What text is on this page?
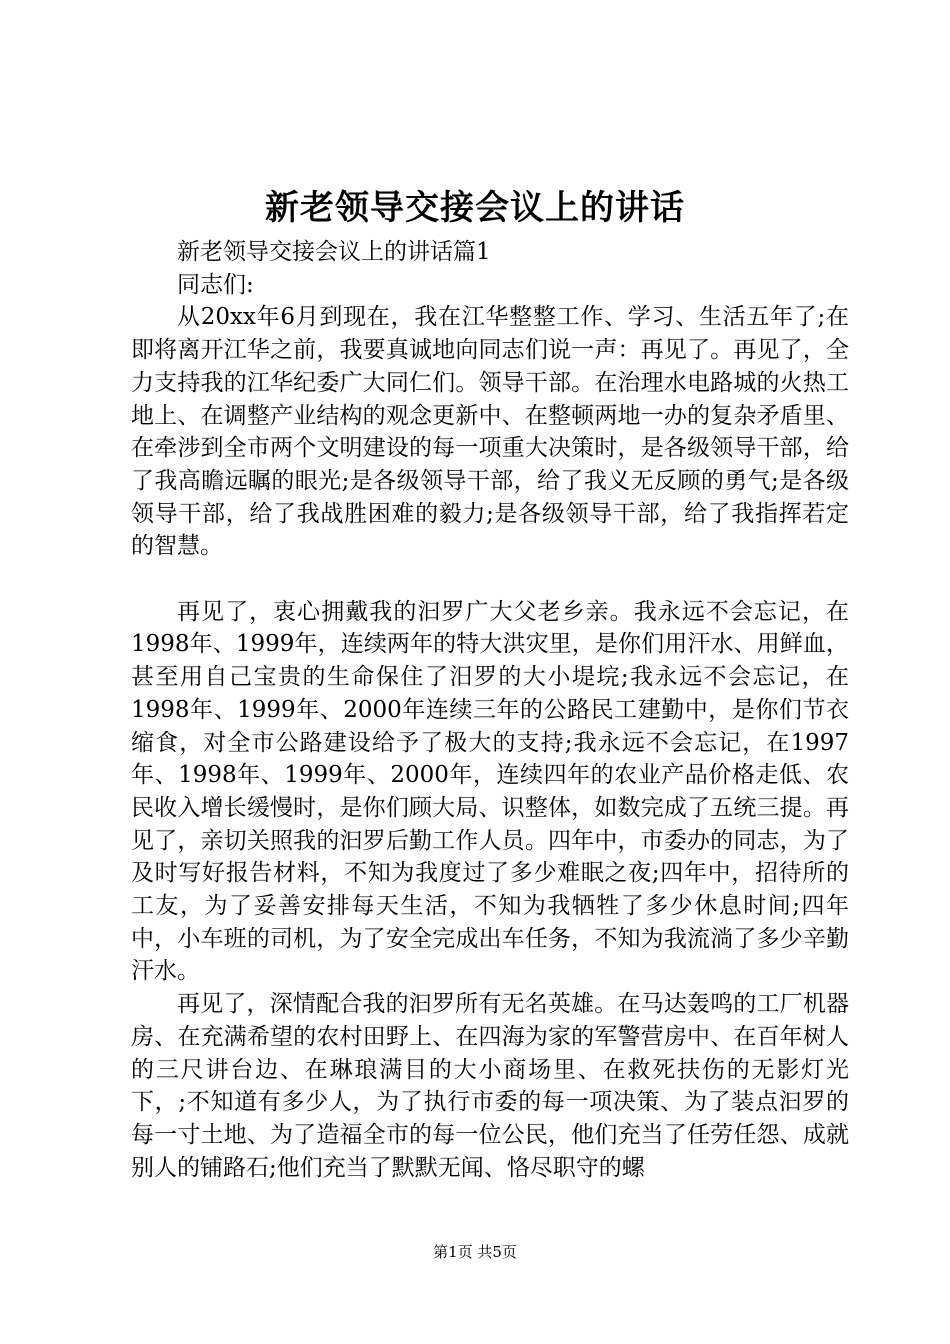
新老领导交接会议上的讲话

新老领导交接会议上的讲话篇1

同志们:

从20xx年6月到现在，我在江华整整工作、学习、生活五年了;在即将离开江华之前，我要真诚地向同志们说一声：再见了。再见了，全力支持我的江华纪委广大同仁们。领导干部。在治理水电路城的火热工地上、在调整产业结构的观念更新中、在整顿两地一办的复杂矛盾里、在牵涉到全市两个文明建设的每一项重大决策时，是各级领导干部，给了我高瞻远瞩的眼光;是各级领导干部，给了我义无反顾的勇气;是各级领导干部，给了我战胜困难的毅力;是各级领导干部，给了我指挥若定的智慧。

再见了，衷心拥戴我的汩罗广大父老乡亲。我永远不会忘记，在1998年、1999年，连续两年的特大洪灾里，是你们用汗水、用鲜血，甚至用自己宝贵的生命保住了汨罗的大小堤垸;我永远不会忘记，在1998年、1999年、2000年连续三年的公路民工建勤中，是你们节衣缩食，对全市公路建设给予了极大的支持;我永远不会忘记，在1997年、1998年、1999年、2000年，连续四年的农业产品价格走低、农民收入增长缓慢时，是你们顾大局、识整体，如数完成了五统三提。再见了，亲切关照我的汩罗后勤工作人员。四年中，市委办的同志，为了及时写好报告材料，不知为我度过了多少难眠之夜;四年中，招待所的工友，为了妥善安排每天生活，不知为我牺牲了多少休息时间;四年中，小车班的司机，为了安全完成出车任务，不知为我流淌了多少辛勤汗水。

再见了，深情配合我的汩罗所有无名英雄。在马达轰鸣的工厂机器房、在充满希望的农村田野上、在四海为家的军警营房中、在百年树人的三尺讲台边、在琳琅满目的大小商场里、在救死扶伤的无影灯光下，;不知道有多少人，为了执行市委的每一项决策、为了装点汩罗的每一寸土地、为了造福全市的每一位公民，他们充当了任劳任怨、成就别人的铺路石;他们充当了默默无闻、恪尽职守的螺

第1页 共5页
